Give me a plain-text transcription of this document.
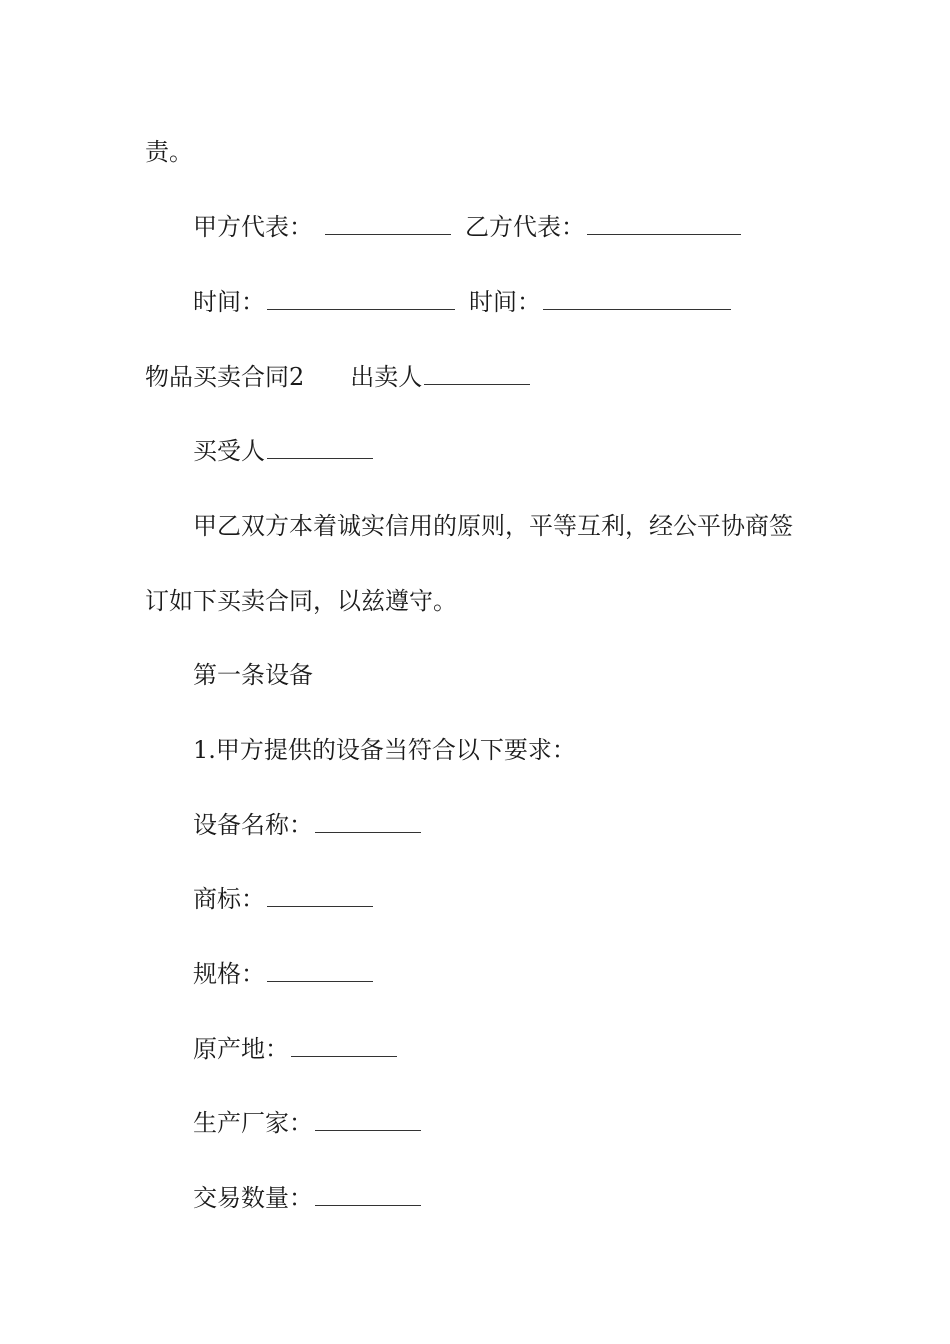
责。
甲方代表：	乙方代表：
时间：	时间：
物品买卖合同2 出卖人
买受人
甲乙双方本着诚实信用的原则，平等互利，经公平协商签
订如下买卖合同，以兹遵守。
第一条设备
1.甲方提供的设备当符合以下要求：
设备名称：
商标：
规格：
原产地：
生产厂家：
交易数量：
